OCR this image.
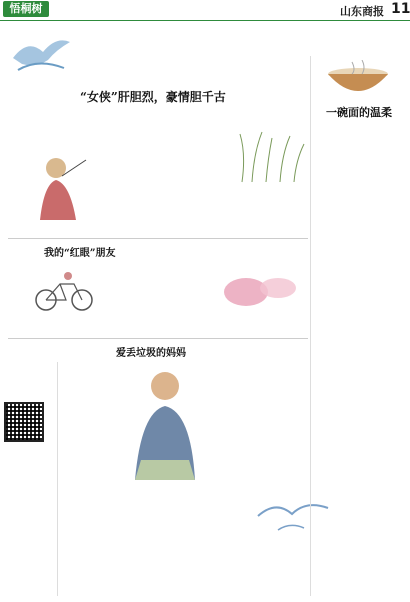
悟桐树	山东商报 11
“女侠”肝胆烈，豪情胆千古

一碗面的温柔

我的“红眼”朋友

爱丢垃圾的妈妈
